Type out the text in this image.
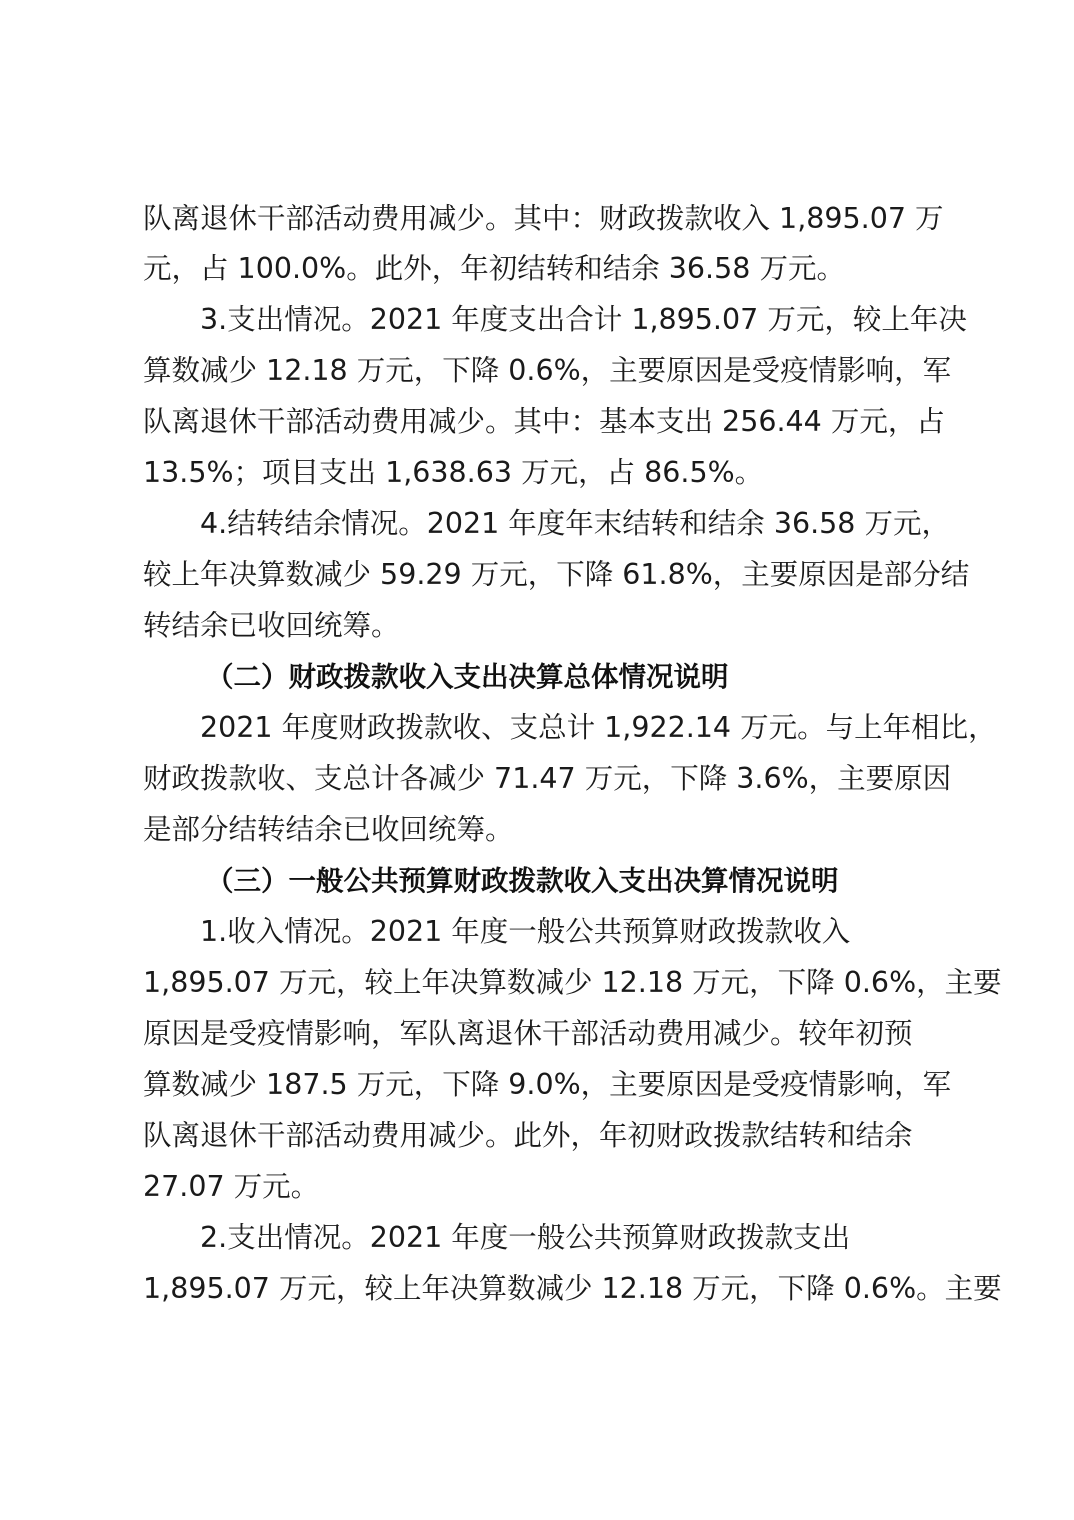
队离退休干部活动费用减少。其中：财政拨款收入 1,895.07 万
元，占 100.0%。此外，年初结转和结余 36.58 万元。
3.支出情况。2021 年度支出合计 1,895.07 万元，较上年决
算数减少 12.18 万元，下降 0.6%，主要原因是受疫情影响，军
队离退休干部活动费用减少。其中：基本支出 256.44 万元，占
13.5%；项目支出 1,638.63 万元，占 86.5%。
4.结转结余情况。2021 年度年末结转和结余 36.58 万元，
较上年决算数减少 59.29 万元，下降 61.8%，主要原因是部分结
转结余已收回统筹。
（二）财政拨款收入支出决算总体情况说明
2021 年度财政拨款收、支总计 1,922.14 万元。与上年相比，
财政拨款收、支总计各减少 71.47 万元，下降 3.6%，主要原因
是部分结转结余已收回统筹。
（三）一般公共预算财政拨款收入支出决算情况说明
1.收入情况。2021 年度一般公共预算财政拨款收入
1,895.07 万元，较上年决算数减少 12.18 万元，下降 0.6%，主要
原因是受疫情影响，军队离退休干部活动费用减少。较年初预
算数减少 187.5 万元，下降 9.0%，主要原因是受疫情影响，军
队离退休干部活动费用减少。此外，年初财政拨款结转和结余
27.07 万元。
2.支出情况。2021 年度一般公共预算财政拨款支出
1,895.07 万元，较上年决算数减少 12.18 万元，下降 0.6%。主要
